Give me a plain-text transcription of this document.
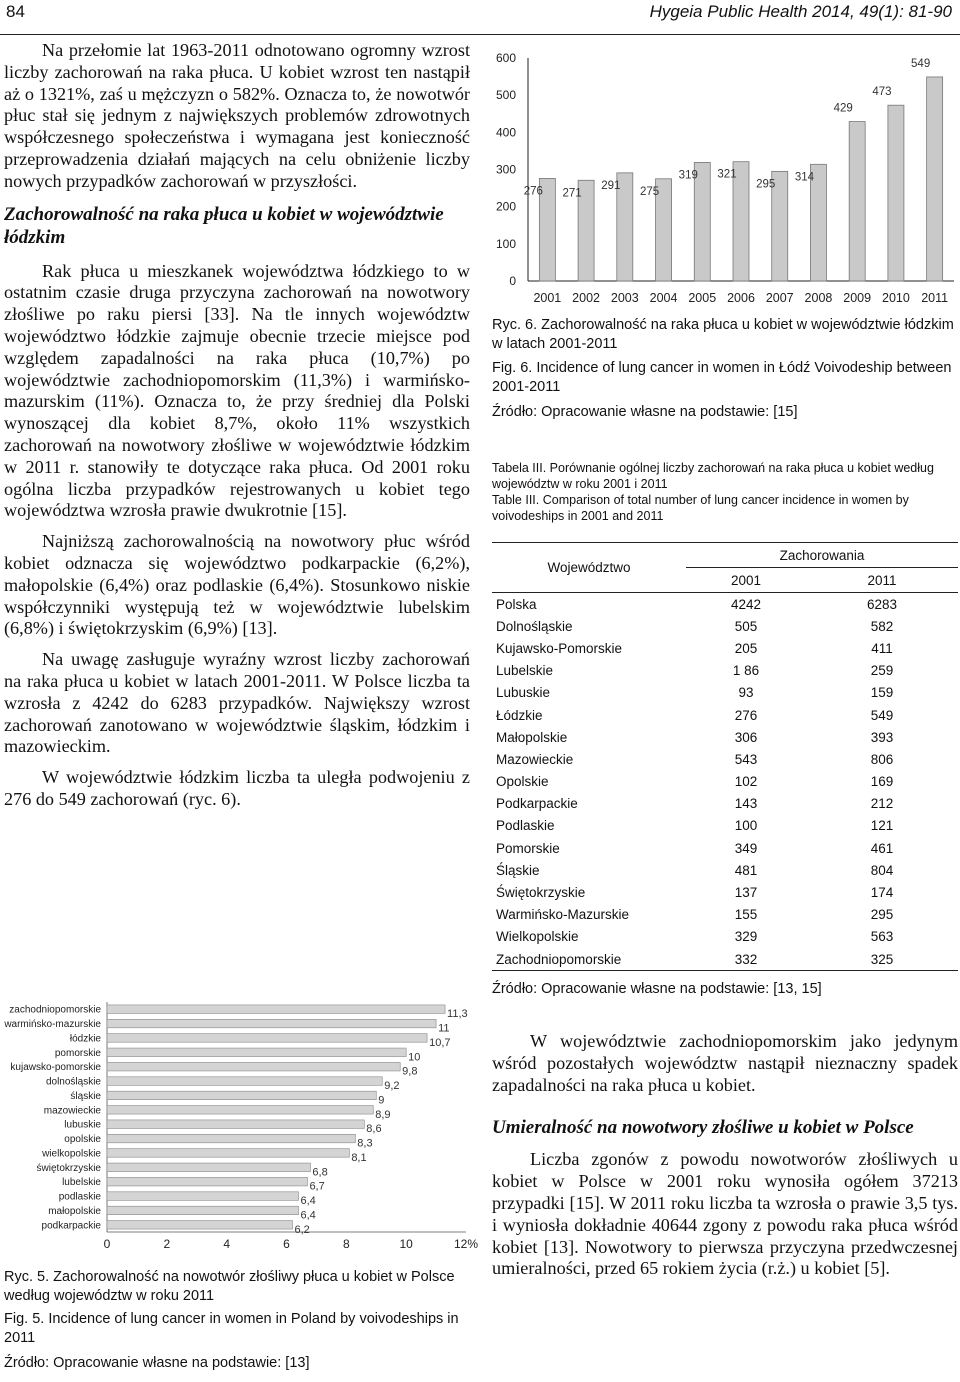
84	Hygeia Public Health 2014, 49(1): 81-90

Na przełomie lat 1963-2011 odnotowano ogromny wzrost liczby zachorowań na raka płuca. U kobiet wzrost ten nastąpił aż o 1321%, zaś u mężczyzn o 582%. Oznacza to, że nowotwór płuc stał się jednym z największych problemów zdrowotnych współczesnego społeczeństwa i wymagana jest konieczność przeprowadzenia działań mających na celu obniżenie liczby nowych przypadków zachorowań w przyszłości.

Zachorowalność na raka płuca u kobiet w województwie łódzkim

Rak płuca u mieszkanek województwa łódzkiego to w ostatnim czasie druga przyczyna zachorowań na nowotwory złośliwe po raku piersi [33]. Na tle innych województw województwo łódzkie zajmuje obecnie trzecie miejsce pod względem zapadalności na raka płuca (10,7%) po województwie zachodniopomorskim (11,3%) i warmińsko-mazurskim (11%). Oznacza to, że przy średniej dla Polski wynoszącej dla kobiet 8,7%, około 11% wszystkich zachorowań na nowotwory złośliwe w województwie łódzkim w 2011 r. stanowiły te dotyczące raka płuca. Od 2001 roku ogólna liczba przypadków rejestrowanych u kobiet tego województwa wzrosła prawie dwukrotnie [15].

Najniższą zachorowalnością na nowotwory płuc wśród kobiet odznacza się województwo podkarpackie (6,2%), małopolskie (6,4%) oraz podlaskie (6,4%). Stosunkowo niskie współczynniki występują też w województwie lubelskim (6,8%) i świętokrzyskim (6,9%) [13].

Na uwagę zasługuje wyraźny wzrost liczby zachorowań na raka płuca u kobiet w latach 2001-2011. W Polsce liczba ta wzrosła z 4242 do 6283 przypadków. Największy wzrost zachorowań zanotowano w województwie śląskim, łódzkim i mazowieckim.

W województwie łódzkim liczba ta uległa podwojeniu z 276 do 549 zachorowań (ryc. 6).

zachodniopomorskie	11,3
warmińsko-mazurskie	11
łódzkie	10,7
pomorskie	10
kujawsko-pomorskie	9,8
dolnośląskie	9,2
śląskie	9
mazowieckie	8,9
lubuskie	8,6
opolskie	8,3
wielkopolskie	8,1
świętokrzyskie	6,8
lubelskie	6,7
podlaskie	6,4
małopolskie	6,4
podkarpackie	6,2
0	2	4	6	8	10	12%

Ryc. 5. Zachorowalność na nowotwór złośliwy płuca u kobiet w Polsce według województw w roku 2011

Fig. 5. Incidence of lung cancer in women in Poland by voivodeships in 2011

Źródło: Opracowanie własne na podstawie: [13]

276 271
291 275
319 321
295
314
429
473
549
0
100
200
300
400
500
600
2001 2002 2003 2004 2005 2006 2007 2008 2009 2010 2011

Ryc. 6. Zachorowalność na raka płuca u kobiet w województwie łódzkim w latach 2001-2011

Fig. 6. Incidence of lung cancer in women in Łódź Voivodeship between 2001-2011

Źródło: Opracowanie własne na podstawie: [15]

Tabela III. Porównanie ogólnej liczby zachorowań na raka płuca u kobiet według województw w roku 2001 i 2011

Table III. Comparison of total number of lung cancer incidence in women by voivodeships in 2001 and 2011

Województwo	Zachorowania	
	2001	2011
Polska	4242	6283
Dolnośląskie	505	582
Kujawsko-Pomorskie	205	411
Lubelskie	1 86	259
Lubuskie	93	159
Łódzkie	276	549
Małopolskie	306	393
Mazowieckie	543	806
Opolskie	102	169
Podkarpackie	143	212
Podlaskie	100	121
Pomorskie	349	461
Śląskie	481	804
Świętokrzyskie	137	174
Warmińsko-Mazurskie	155	295
Wielkopolskie	329	563
Zachodniopomorskie	332	325

Źródło: Opracowanie własne na podstawie: [13, 15]

W województwie zachodniopomorskim jako jedynym wśród pozostałych województw nastąpił nieznaczny spadek zapadalności na raka płuca u kobiet.

Umieralność na nowotwory złośliwe u kobiet w Polsce

Liczba zgonów z powodu nowotworów złośliwych u kobiet w Polsce w 2001 roku wynosiła ogółem 37213 przypadki [15]. W 2011 roku liczba ta wzrosła o prawie 3,5 tys. i wyniosła dokładnie 40644 zgony z powodu raka płuca wśród kobiet [13]. Nowotwory to pierwsza przyczyna przedwczesnej umieralności, przed 65 rokiem życia (r.ż.) u kobiet [5].
